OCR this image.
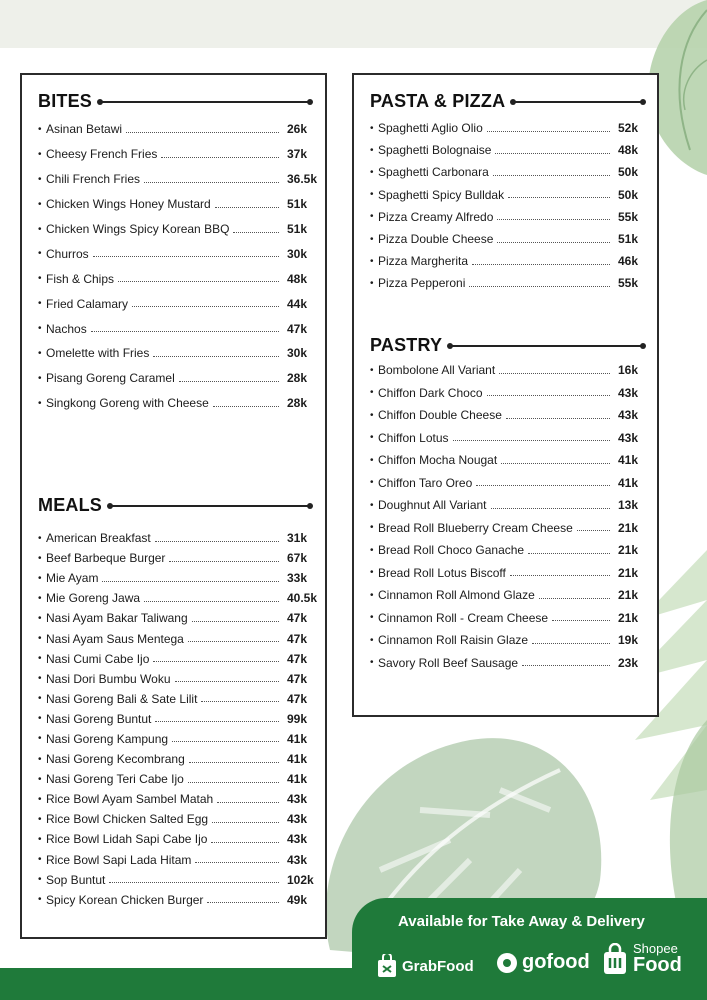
BITES
• Asinan Betawi	26k
• Cheesy French Fries	37k
• Chili French Fries	36.5k
• Chicken Wings Honey Mustard	51k
• Chicken Wings Spicy Korean BBQ	51k
• Churros	30k
• Fish & Chips	48k
• Fried Calamary	44k
• Nachos	47k
• Omelette with Fries	30k
• Pisang Goreng Caramel	28k
• Singkong Goreng with Cheese	28k
MEALS
• American Breakfast	31k
• Beef Barbeque Burger	67k
• Mie Ayam	33k
• Mie Goreng Jawa	40.5k
• Nasi Ayam Bakar Taliwang	47k
• Nasi Ayam Saus Mentega	47k
• Nasi Cumi Cabe Ijo	47k
• Nasi Dori Bumbu Woku	47k
• Nasi Goreng Bali & Sate Lilit	47k
• Nasi Goreng Buntut	99k
• Nasi Goreng Kampung	41k
• Nasi Goreng Kecombrang	41k
• Nasi Goreng Teri Cabe Ijo	41k
• Rice Bowl Ayam Sambel Matah	43k
• Rice Bowl Chicken Salted Egg	43k
• Rice Bowl Lidah Sapi Cabe Ijo	43k
• Rice Bowl Sapi Lada Hitam	43k
• Sop Buntut	102k
• Spicy Korean Chicken Burger	49k
PASTA & PIZZA
• Spaghetti Aglio Olio	52k
• Spaghetti Bolognaise	48k
• Spaghetti Carbonara	50k
• Spaghetti Spicy Bulldak	50k
• Pizza Creamy Alfredo	55k
• Pizza Double Cheese	51k
• Pizza Margherita	46k
• Pizza Pepperoni	55k
PASTRY
• Bombolone All Variant	16k
• Chiffon Dark Choco	43k
• Chiffon Double Cheese	43k
• Chiffon Lotus	43k
• Chiffon Mocha Nougat	41k
• Chiffon Taro Oreo	41k
• Doughnut All Variant	13k
• Bread Roll Blueberry Cream Cheese	21k
• Bread Roll Choco Ganache	21k
• Bread Roll Lotus Biscoff	21k
• Cinnamon Roll Almond Glaze	21k
• Cinnamon Roll - Cream Cheese	21k
• Cinnamon Roll Raisin Glaze	19k
• Savory Roll Beef Sausage	23k
Available for Take Away & Delivery
GrabFood gofood
Shopee
Food
